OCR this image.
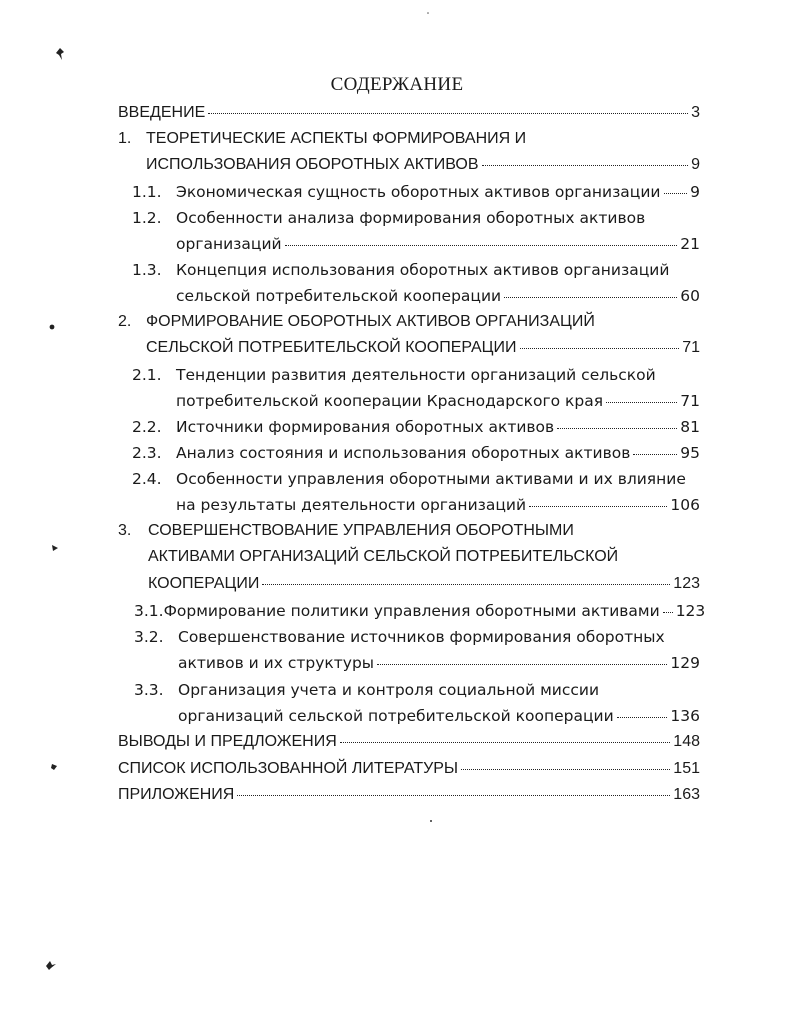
СОДЕРЖАНИЕ
ВВЕДЕНИЕ	3
1. ТЕОРЕТИЧЕСКИЕ АСПЕКТЫ ФОРМИРОВАНИЯ И
ИСПОЛЬЗОВАНИЯ ОБОРОТНЫХ АКТИВОВ	9
1.1. Экономическая сущность оборотных активов организации 9
1.2. Особенности анализа формирования оборотных активов
организаций	21
1.3. Концепция использования оборотных активов организаций
сельской потребительской кооперации	60
2. ФОРМИРОВАНИЕ ОБОРОТНЫХ АКТИВОВ ОРГАНИЗАЦИЙ
СЕЛЬСКОЙ ПОТРЕБИТЕЛЬСКОЙ КООПЕРАЦИИ	71
2.1. Тенденции развития деятельности организаций сельской
потребительской кооперации Краснодарского края	71
2.2. Источники формирования оборотных активов	81
2.3. Анализ состояния и использования оборотных активов	95
2.4. Особенности управления оборотными активами и их влияние
на результаты деятельности организаций	106
3.	СОВЕРШЕНСТВОВАНИЕ УПРАВЛЕНИЯ ОБОРОТНЫМИ
АКТИВАМИ ОРГАНИЗАЦИЙ СЕЛЬСКОЙ ПОТРЕБИТЕЛЬСКОЙ
КООПЕРАЦИИ	123
3.1. Формирование политики управления оборотными активами 123
3.2. Совершенствование источников формирования оборотных
активов и их структуры	129
3.3. Организация учета и контроля социальной миссии
организаций сельской потребительской кооперации	136
ВЫВОДЫ И ПРЕДЛОЖЕНИЯ	148
СПИСОК ИСПОЛЬЗОВАННОЙ ЛИТЕРАТУРЫ	151
ПРИЛОЖЕНИЯ	163
